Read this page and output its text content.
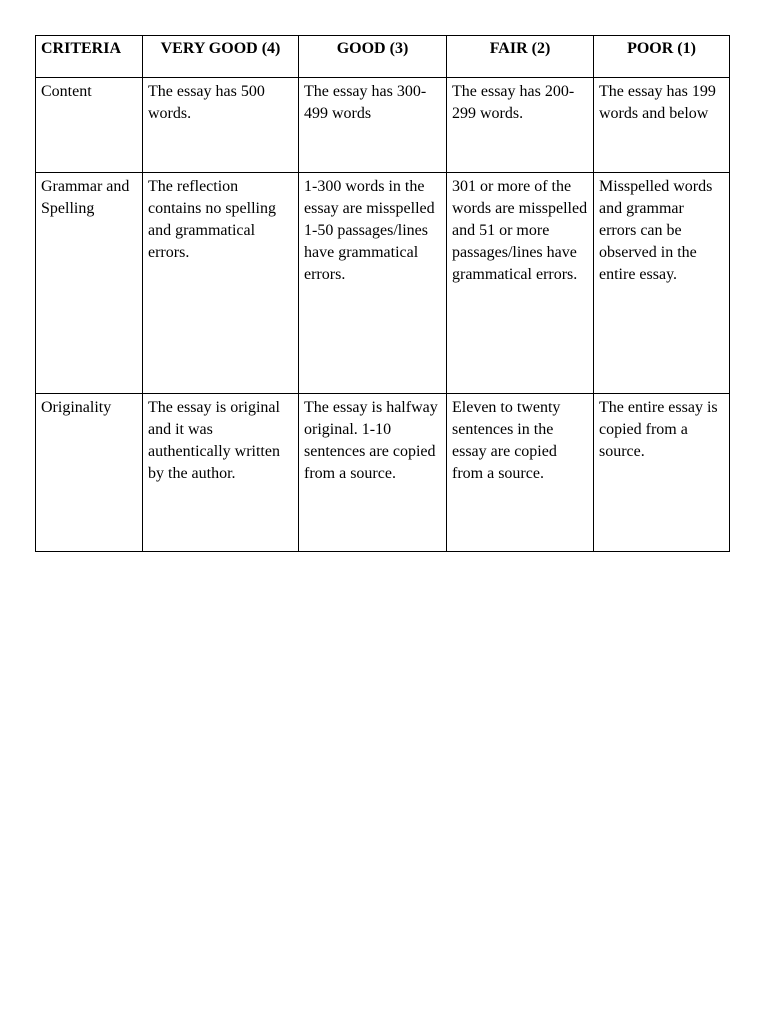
CRITERIA	VERY GOOD (4)	GOOD (3)	FAIR (2)	POOR (1)
Content	The essay has 500 words.	The essay has 300-499 words	The essay has 200-299 words.	The essay has 199 words and below
Grammar and Spelling	The reflection contains no spelling and grammatical errors.	1-300 words in the essay are misspelled 1-50 passages/lines have grammatical errors.	301 or more of the words are misspelled and 51 or more passages/lines have grammatical errors.	Misspelled words and grammar errors can be observed in the entire essay.
Originality	The essay is original and it was authentically written by the author.	The essay is halfway original. 1-10 sentences are copied from a source.	Eleven to twenty sentences in the essay are copied from a source.	The entire essay is copied from a source.
